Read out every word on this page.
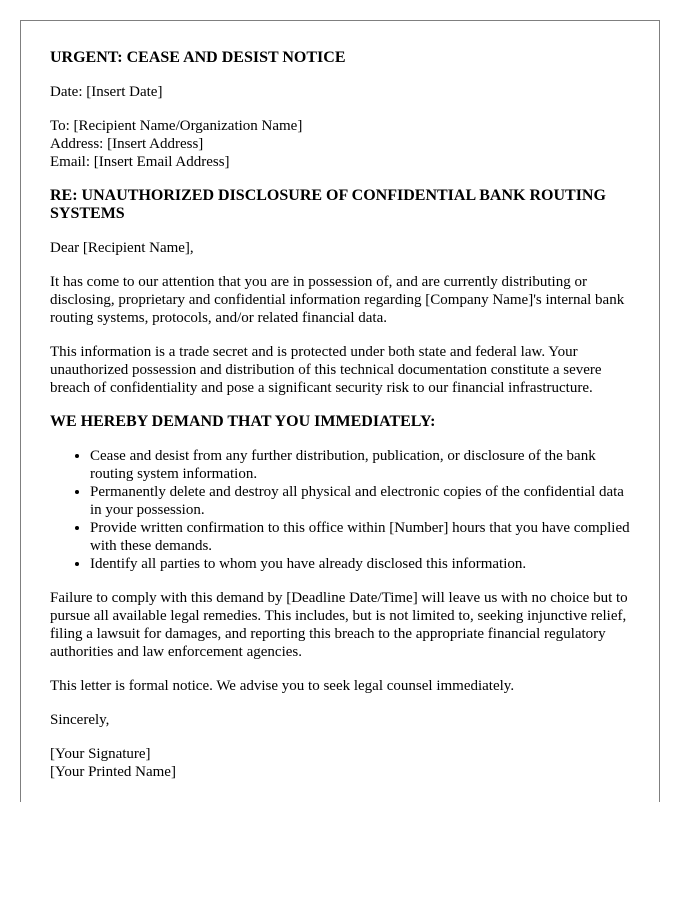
URGENT: CEASE AND DESIST NOTICE

Date: [Insert Date]

To: [Recipient Name/Organization Name]
Address: [Insert Address]
Email: [Insert Email Address]

RE: UNAUTHORIZED DISCLOSURE OF CONFIDENTIAL BANK ROUTING SYSTEMS

Dear [Recipient Name],

It has come to our attention that you are in possession of, and are currently distributing or disclosing, proprietary and confidential information regarding [Company Name]'s internal bank routing systems, protocols, and/or related financial data.

This information is a trade secret and is protected under both state and federal law. Your unauthorized possession and distribution of this technical documentation constitute a severe breach of confidentiality and pose a significant security risk to our financial infrastructure.

WE HEREBY DEMAND THAT YOU IMMEDIATELY:
• Cease and desist from any further distribution, publication, or disclosure of the bank routing system information.
• Permanently delete and destroy all physical and electronic copies of the confidential data in your possession.
• Provide written confirmation to this office within [Number] hours that you have complied with these demands.
• Identify all parties to whom you have already disclosed this information.

Failure to comply with this demand by [Deadline Date/Time] will leave us with no choice but to pursue all available legal remedies. This includes, but is not limited to, seeking injunctive relief, filing a lawsuit for damages, and reporting this breach to the appropriate financial regulatory authorities and law enforcement agencies.

This letter is formal notice. We advise you to seek legal counsel immediately.

Sincerely,

[Your Signature]

[Your Printed Name]
